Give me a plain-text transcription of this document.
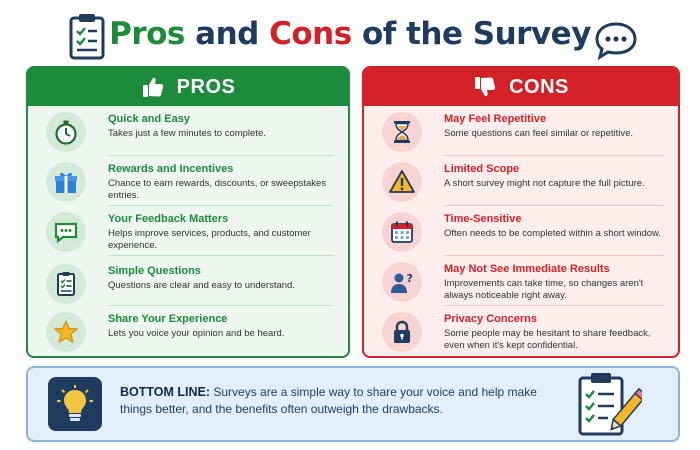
Pros and Cons of the Survey
PROS
Quick and Easy
Takes just a few minutes to complete.
Rewards and Incentives
Chance to earn rewards, discounts, or sweepstakes entries.
Your Feedback Matters
Helps improve services, products, and customer experience.
Simple Questions
Questions are clear and easy to understand.
Share Your Experience
Lets you voice your opinion and be heard.
CONS
May Feel Repetitive
Some questions can feel similar or repetitive.
Limited Scope
A short survey might not capture the full picture.
Time-Sensitive
Often needs to be completed within a short window.
?
May Not See Immediate Results
Improvements can take time, so changes aren't always noticeable right away.
Privacy Concerns
Some people may be hesitant to share feedback, even when it's kept confidential.
BOTTOM LINE: Surveys are a simple way to share your voice and help make things better, and the benefits often outweigh the drawbacks.
